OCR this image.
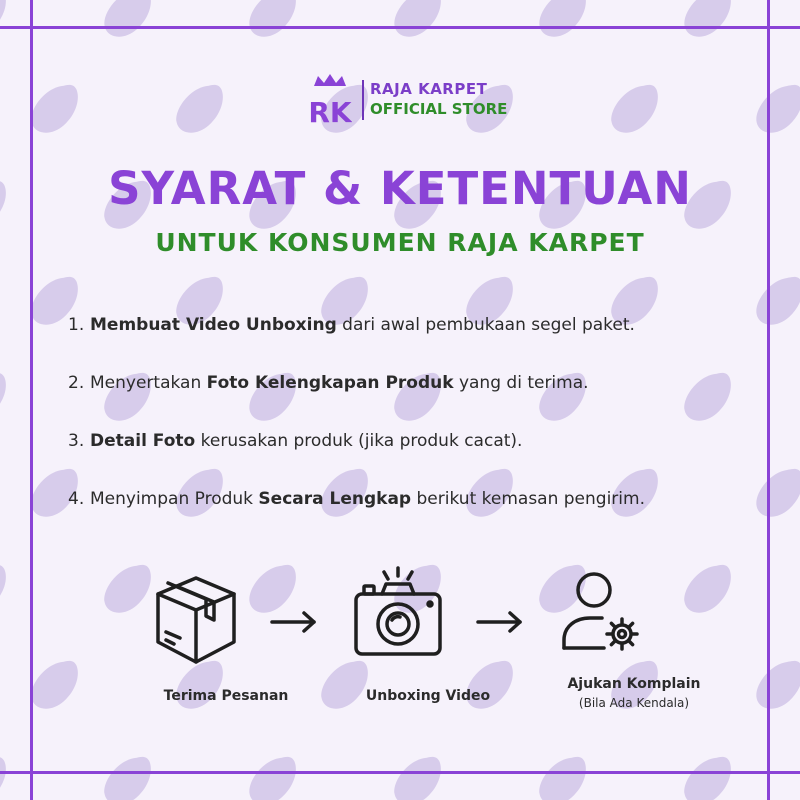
RK
RAJA KARPET
OFFICIAL STORE
SYARAT & KETENTUAN
UNTUK KONSUMEN RAJA KARPET
1. Membuat Video Unboxing dari awal pembukaan segel paket.
2. Menyertakan Foto Kelengkapan Produk yang di terima.
3. Detail Foto kerusakan produk (jika produk cacat).
4. Menyimpan Produk Secara Lengkap berikut kemasan pengirim.
Terima Pesanan	Unboxing Video
Ajukan Komplain
(Bila Ada Kendala)
